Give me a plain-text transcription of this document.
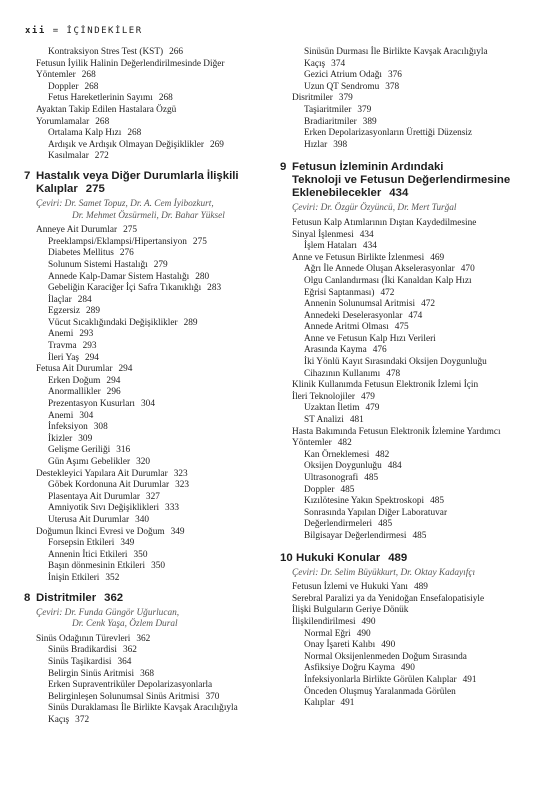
xii = İÇİNDEKİLER
Kontraksiyon Stres Test (KST) 266
Fetusun İyilik Halinin Değerlendirilmesinde Diğer
Yöntemler 268
Doppler 268
Fetus Hareketlerinin Sayımı 268
Ayaktan Takip Edilen Hastalara Özgü
Yorumlamalar 268
Ortalama Kalp Hızı 268
Ardışık ve Ardışık Olmayan Değişiklikler 269
Kasılmalar 272
7 Hastalık veya Diğer Durumlarla İlişkili
Kalıplar 275
Çeviri: Dr. Samet Topuz, Dr. A. Cem İyibozkurt,
Dr. Mehmet Özsürmeli, Dr. Bahar Yüksel
Anneye Ait Durumlar 275
Preeklampsi/Eklampsi/Hipertansiyon 275
Diabetes Mellitus 276
Solunum Sistemi Hastalığı 279
Annede Kalp-Damar Sistem Hastalığı 280
Gebeliğin Karaciğer İçi Safra Tıkanıklığı 283
İlaçlar 284
Egzersiz 289
Vücut Sıcaklığındaki Değişiklikler 289
Anemi 293
Travma 293
İleri Yaş 294
Fetusa Ait Durumlar 294
Erken Doğum 294
Anormallikler 296
Prezentasyon Kusurları 304
Anemi 304
İnfeksiyon 308
İkizler 309
Gelişme Geriliği 316
Gün Aşımı Gebelikler 320
Destekleyici Yapılara Ait Durumlar 323
Göbek Kordonuna Ait Durumlar 323
Plasentaya Ait Durumlar 327
Amniyotik Sıvı Değişiklikleri 333
Uterusa Ait Durumlar 340
Doğumun İkinci Evresi ve Doğum 349
Forsepsin Etkileri 349
Annenin İtici Etkileri 350
Başın dönmesinin Etkileri 350
İnişin Etkileri 352
8 Distritmiler 362
Çeviri: Dr. Funda Güngör Uğurlucan,
Dr. Cenk Yaşa, Özlem Dural
Sinüs Odağının Türevleri 362
Sinüs Bradikardisi 362
Sinüs Taşikardisi 364
Belirgin Sinüs Aritmisi 368
Erken Supraventriküler Depolarizasyonlarla
Belirginleşen Solunumsal Sinüs Aritmisi 370
Sinüs Duraklaması İle Birlikte Kavşak Aracılığıyla
Kaçış 372
Sinüsün Durması İle Birlikte Kavşak Aracılığıyla
Kaçış 374
Gezici Atrium Odağı 376
Uzun QT Sendromu 378
Disritmiler 379
Taşiaritmiler 379
Bradiaritmiler 389
Erken Depolarizasyonların Ürettiği Düzensiz
Hızlar 398
9 Fetusun İzleminin Ardındaki
Teknoloji ve Fetusun Değerlendirmesine
Eklenebilecekler 434
Çeviri: Dr. Özgür Özyüncü, Dr. Mert Turğal
Fetusun Kalp Atımlarının Dıştan Kaydedilmesine
Sinyal İşlenmesi 434
İşlem Hataları 434
Anne ve Fetusun Birlikte İzlenmesi 469
Ağrı İle Annede Oluşan Akselerasyonlar 470
Olgu Canlandırması (İki Kanaldan Kalp Hızı
Eğrisi Saptanması) 472
Annenin Solunumsal Aritmisi 472
Annedeki Deselerasyonlar 474
Annede Aritmi Olması 475
Anne ve Fetusun Kalp Hızı Verileri
Arasında Kayma 476
İki Yönlü Kayıt Sırasındaki Oksijen Doygunluğu
Cihazının Kullanımı 478
Klinik Kullanımda Fetusun Elektronik İzlemi İçin
İleri Teknolojiler 479
Uzaktan İletim 479
ST Analizi 481
Hasta Bakımında Fetusun Elektronik İzlemine Yardımcı
Yöntemler 482
Kan Örneklemesi 482
Oksijen Doygunluğu 484
Ultrasonografi 485
Doppler 485
Kızılötesine Yakın Spektroskopi 485
Sonrasında Yapılan Diğer Laboratuvar
Değerlendirmeleri 485
Bilgisayar Değerlendirmesi 485
10 Hukuki Konular 489
Çeviri: Dr. Selim Büyükkurt, Dr. Oktay Kadayıfçı
Fetusun İzlemi ve Hukuki Yanı 489
Serebral Paralizi ya da Yenidoğan Ensefalopatisiyle
İlişki Bulguların Geriye Dönük
İlişkilendirilmesi 490
Normal Eğri 490
Onay İşareti Kalıbı 490
Normal Oksijenlenmeden Doğum Sırasında
Asfiksiye Doğru Kayma 490
İnfeksiyonlarla Birlikte Görülen Kalıplar 491
Önceden Oluşmuş Yaralanmada Görülen
Kalıplar 491
